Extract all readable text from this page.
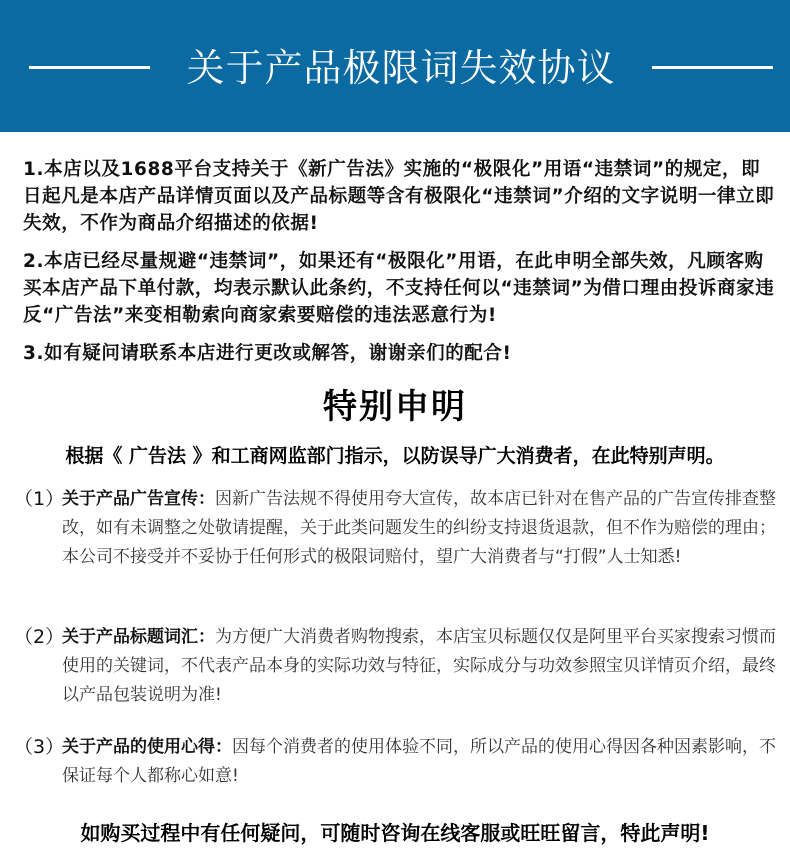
关于产品极限词失效协议

1.本店以及1688平台支持关于《新广告法》实施的“极限化”用语“违禁词”的规定，即日起凡是本店产品详情页面以及产品标题等含有极限化“违禁词”介绍的文字说明一律立即失效，不作为商品介绍描述的依据!

2.本店已经尽量规避“违禁词”，如果还有“极限化”用语，在此申明全部失效，凡顾客购买本店产品下单付款，均表示默认此条约，不支持任何以“违禁词”为借口理由投诉商家违反“广告法”来变相勒索向商家索要赔偿的违法恶意行为!

3.如有疑问请联系本店进行更改或解答，谢谢亲们的配合!

特别申明
根据《 广告法 》和工商网监部门指示，以防误导广大消费者，在此特别声明。
（1）
关于产品广告宣传：因新广告法规不得使用夸大宣传，故本店已针对在售产品的广告宣传排查整改，如有未调整之处敬请提醒，关于此类问题发生的纠纷支持退货退款，但不作为赔偿的理由；本公司不接受并不妥协于任何形式的极限词赔付，望广大消费者与“打假”人士知悉!
（2）
关于产品标题词汇：为方便广大消费者购物搜索，本店宝贝标题仅仅是阿里平台买家搜索习惯而使用的关键词，不代表产品本身的实际功效与特征，实际成分与功效参照宝贝详情页介绍，最终以产品包装说明为准!
（3）
关于产品的使用心得：因每个消费者的使用体验不同，所以产品的使用心得因各种因素影响，不保证每个人都称心如意!
如购买过程中有任何疑问，可随时咨询在线客服或旺旺留言，特此声明!
